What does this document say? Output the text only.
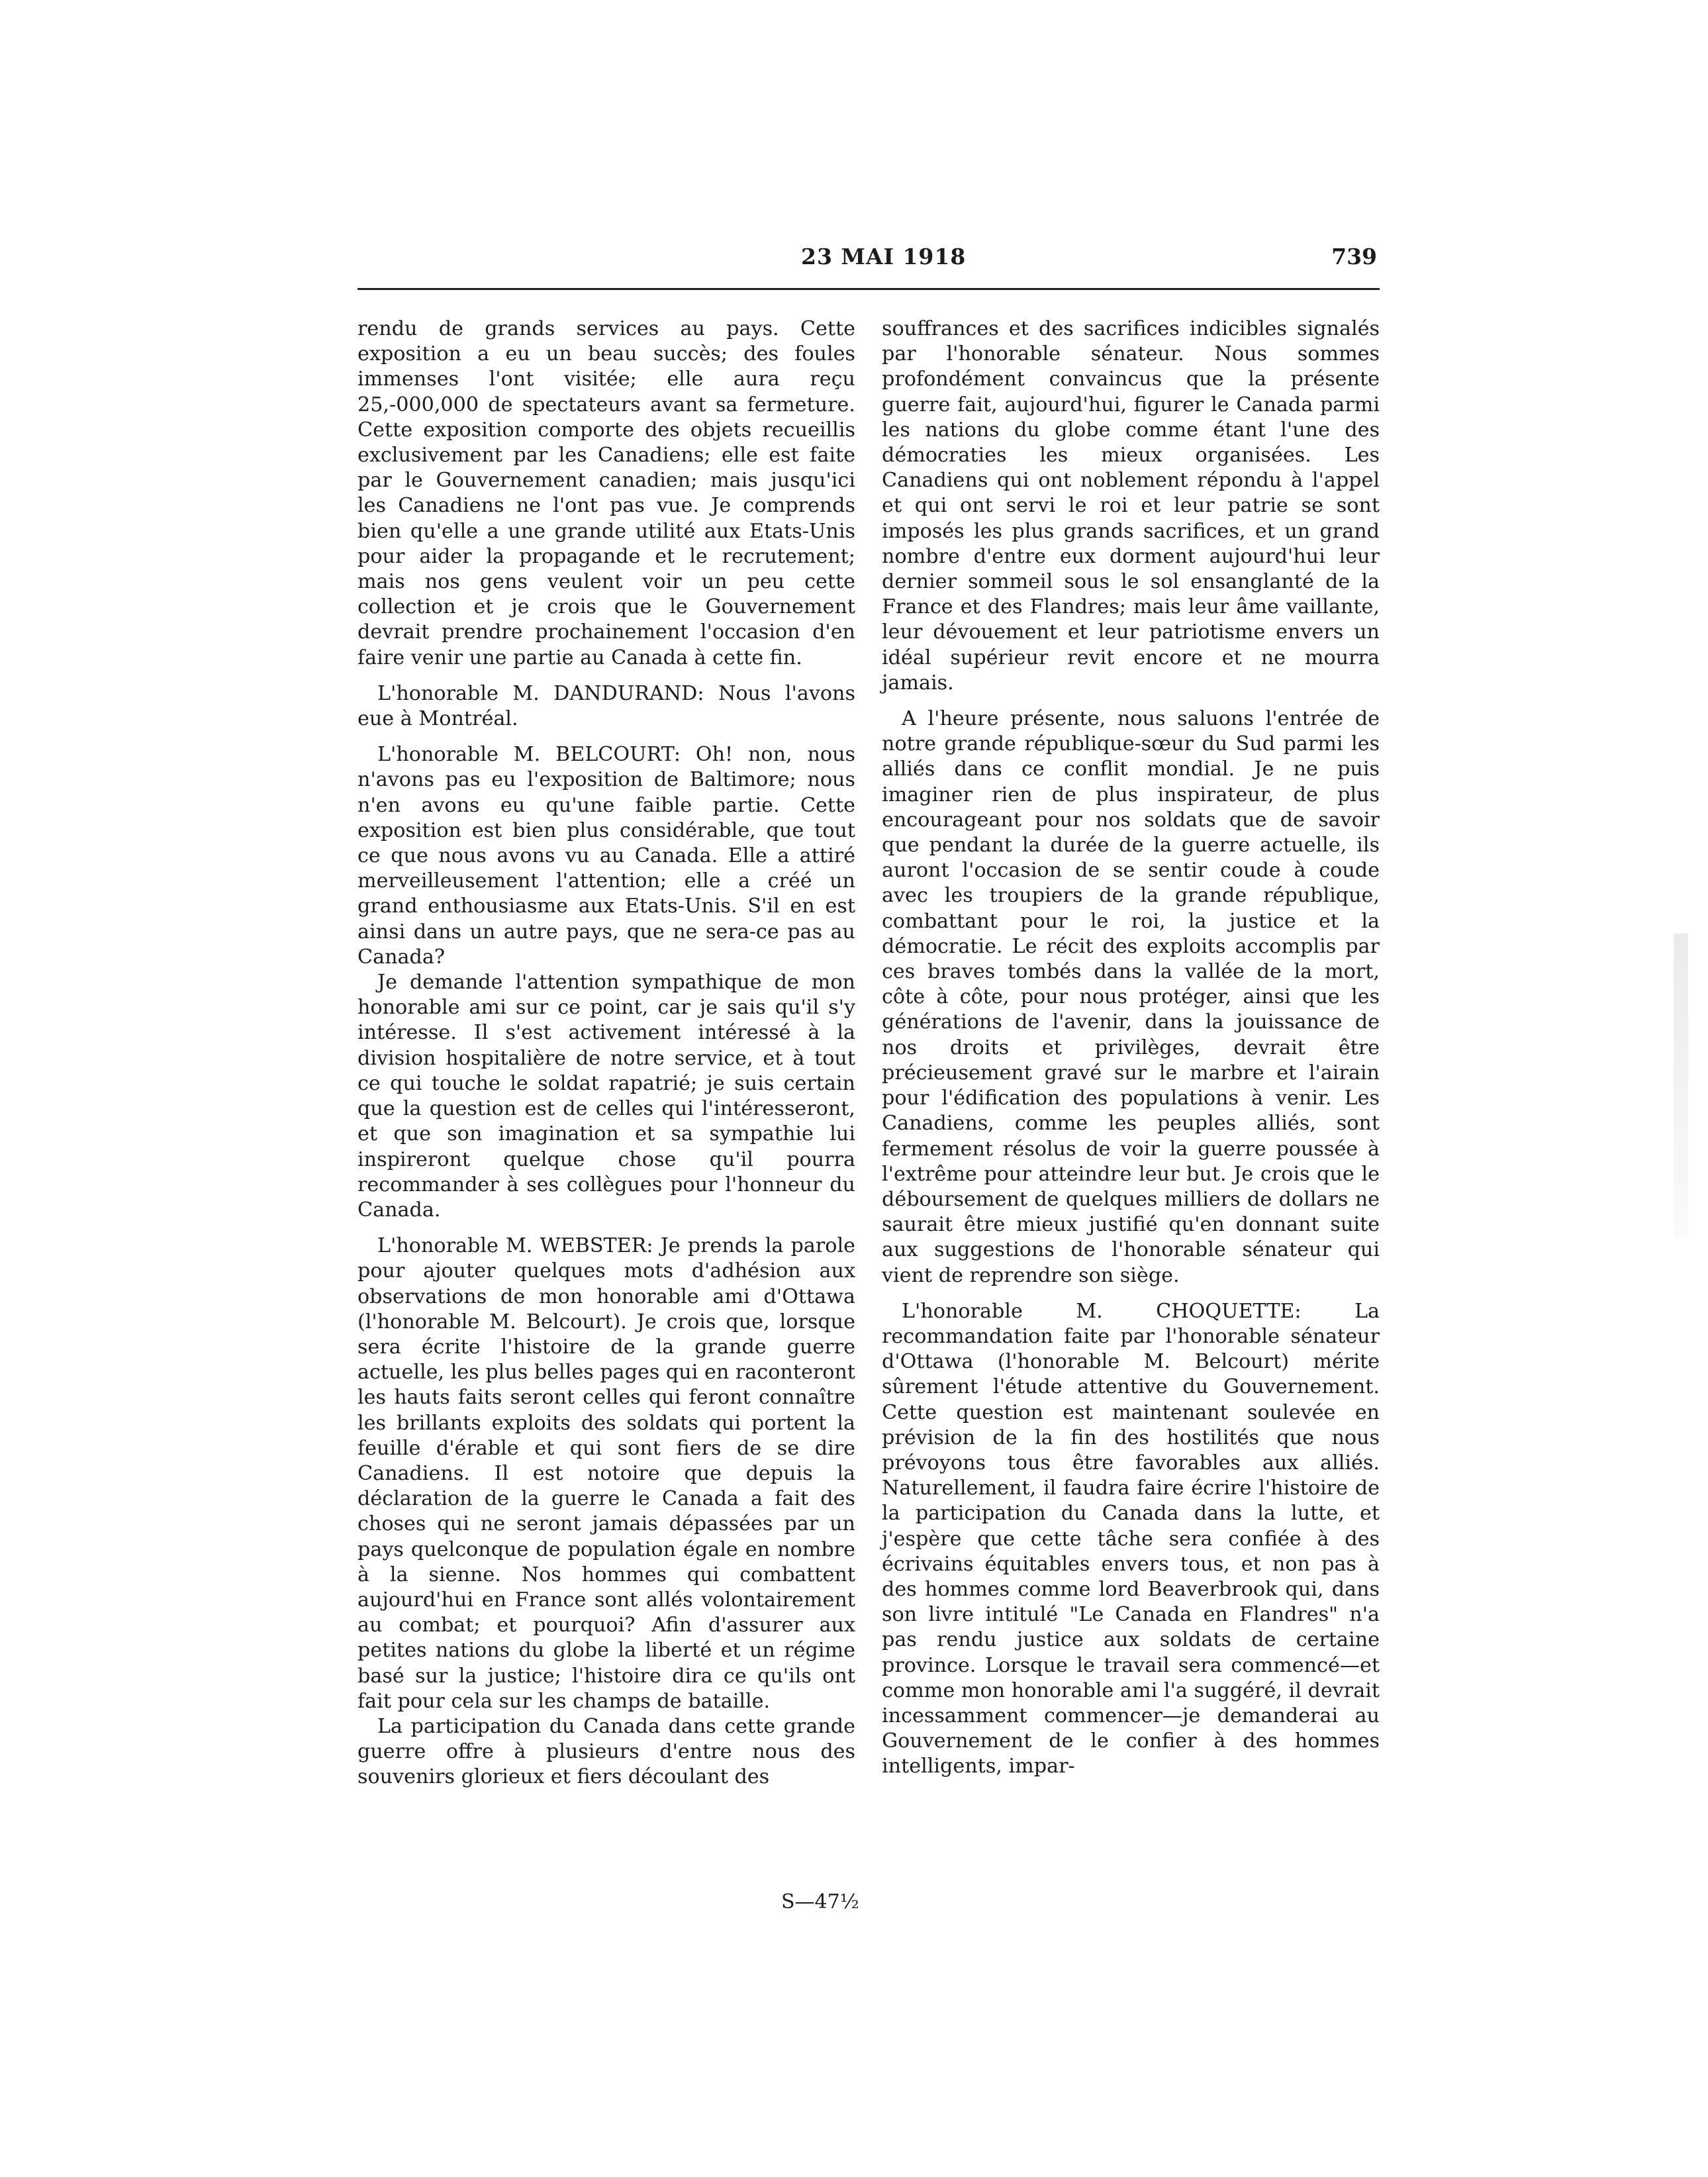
23 MAI 1918	739

rendu de grands services au pays. Cette exposition a eu un beau succès; des foules immenses l'ont visitée; elle aura reçu 25,-000,000 de spectateurs avant sa fermeture. Cette exposition comporte des objets recueillis exclusivement par les Canadiens; elle est faite par le Gouvernement canadien; mais jusqu'ici les Canadiens ne l'ont pas vue. Je comprends bien qu'elle a une grande utilité aux Etats-Unis pour aider la propagande et le recrutement; mais nos gens veulent voir un peu cette collection et je crois que le Gouvernement devrait prendre prochainement l'occasion d'en faire venir une partie au Canada à cette fin.

L'honorable M. DANDURAND: Nous l'avons eue à Montréal.

L'honorable M. BELCOURT: Oh! non, nous n'avons pas eu l'exposition de Baltimore; nous n'en avons eu qu'une faible partie. Cette exposition est bien plus considérable, que tout ce que nous avons vu au Canada. Elle a attiré merveilleusement l'attention; elle a créé un grand enthousiasme aux Etats-Unis. S'il en est ainsi dans un autre pays, que ne sera-ce pas au Canada?

Je demande l'attention sympathique de mon honorable ami sur ce point, car je sais qu'il s'y intéresse. Il s'est activement intéressé à la division hospitalière de notre service, et à tout ce qui touche le soldat rapatrié; je suis certain que la question est de celles qui l'intéresseront, et que son imagination et sa sympathie lui inspireront quelque chose qu'il pourra recommander à ses collègues pour l'honneur du Canada.

L'honorable M. WEBSTER: Je prends la parole pour ajouter quelques mots d'adhésion aux observations de mon honorable ami d'Ottawa (l'honorable M. Belcourt). Je crois que, lorsque sera écrite l'histoire de la grande guerre actuelle, les plus belles pages qui en raconteront les hauts faits seront celles qui feront connaître les brillants exploits des soldats qui portent la feuille d'érable et qui sont fiers de se dire Canadiens. Il est notoire que depuis la déclaration de la guerre le Canada a fait des choses qui ne seront jamais dépassées par un pays quelconque de population égale en nombre à la sienne. Nos hommes qui combattent aujourd'hui en France sont allés volontairement au combat; et pourquoi? Afin d'assurer aux petites nations du globe la liberté et un régime basé sur la justice; l'histoire dira ce qu'ils ont fait pour cela sur les champs de bataille.

La participation du Canada dans cette grande guerre offre à plusieurs d'entre nous des souvenirs glorieux et fiers découlant des

souffrances et des sacrifices indicibles signalés par l'honorable sénateur. Nous sommes profondément convaincus que la présente guerre fait, aujourd'hui, figurer le Canada parmi les nations du globe comme étant l'une des démocraties les mieux organisées. Les Canadiens qui ont noblement répondu à l'appel et qui ont servi le roi et leur patrie se sont imposés les plus grands sacrifices, et un grand nombre d'entre eux dorment aujourd'hui leur dernier sommeil sous le sol ensanglanté de la France et des Flandres; mais leur âme vaillante, leur dévouement et leur patriotisme envers un idéal supérieur revit encore et ne mourra jamais.

A l'heure présente, nous saluons l'entrée de notre grande république-sœur du Sud parmi les alliés dans ce conflit mondial. Je ne puis imaginer rien de plus inspirateur, de plus encourageant pour nos soldats que de savoir que pendant la durée de la guerre actuelle, ils auront l'occasion de se sentir coude à coude avec les troupiers de la grande république, combattant pour le roi, la justice et la démocratie. Le récit des exploits accomplis par ces braves tombés dans la vallée de la mort, côte à côte, pour nous protéger, ainsi que les générations de l'avenir, dans la jouissance de nos droits et privilèges, devrait être précieusement gravé sur le marbre et l'airain pour l'édification des populations à venir. Les Canadiens, comme les peuples alliés, sont fermement résolus de voir la guerre poussée à l'extrême pour atteindre leur but. Je crois que le déboursement de quelques milliers de dollars ne saurait être mieux justifié qu'en donnant suite aux suggestions de l'honorable sénateur qui vient de reprendre son siège.

L'honorable M. CHOQUETTE: La recommandation faite par l'honorable sénateur d'Ottawa (l'honorable M. Belcourt) mérite sûrement l'étude attentive du Gouvernement. Cette question est maintenant soulevée en prévision de la fin des hostilités que nous prévoyons tous être favorables aux alliés. Naturellement, il faudra faire écrire l'histoire de la participation du Canada dans la lutte, et j'espère que cette tâche sera confiée à des écrivains équitables envers tous, et non pas à des hommes comme lord Beaverbrook qui, dans son livre intitulé "Le Canada en Flandres" n'a pas rendu justice aux soldats de certaine province. Lorsque le travail sera commencé—et comme mon honorable ami l'a suggéré, il devrait incessamment commencer—je demanderai au Gouvernement de le confier à des hommes intelligents, impar-

S—47½
